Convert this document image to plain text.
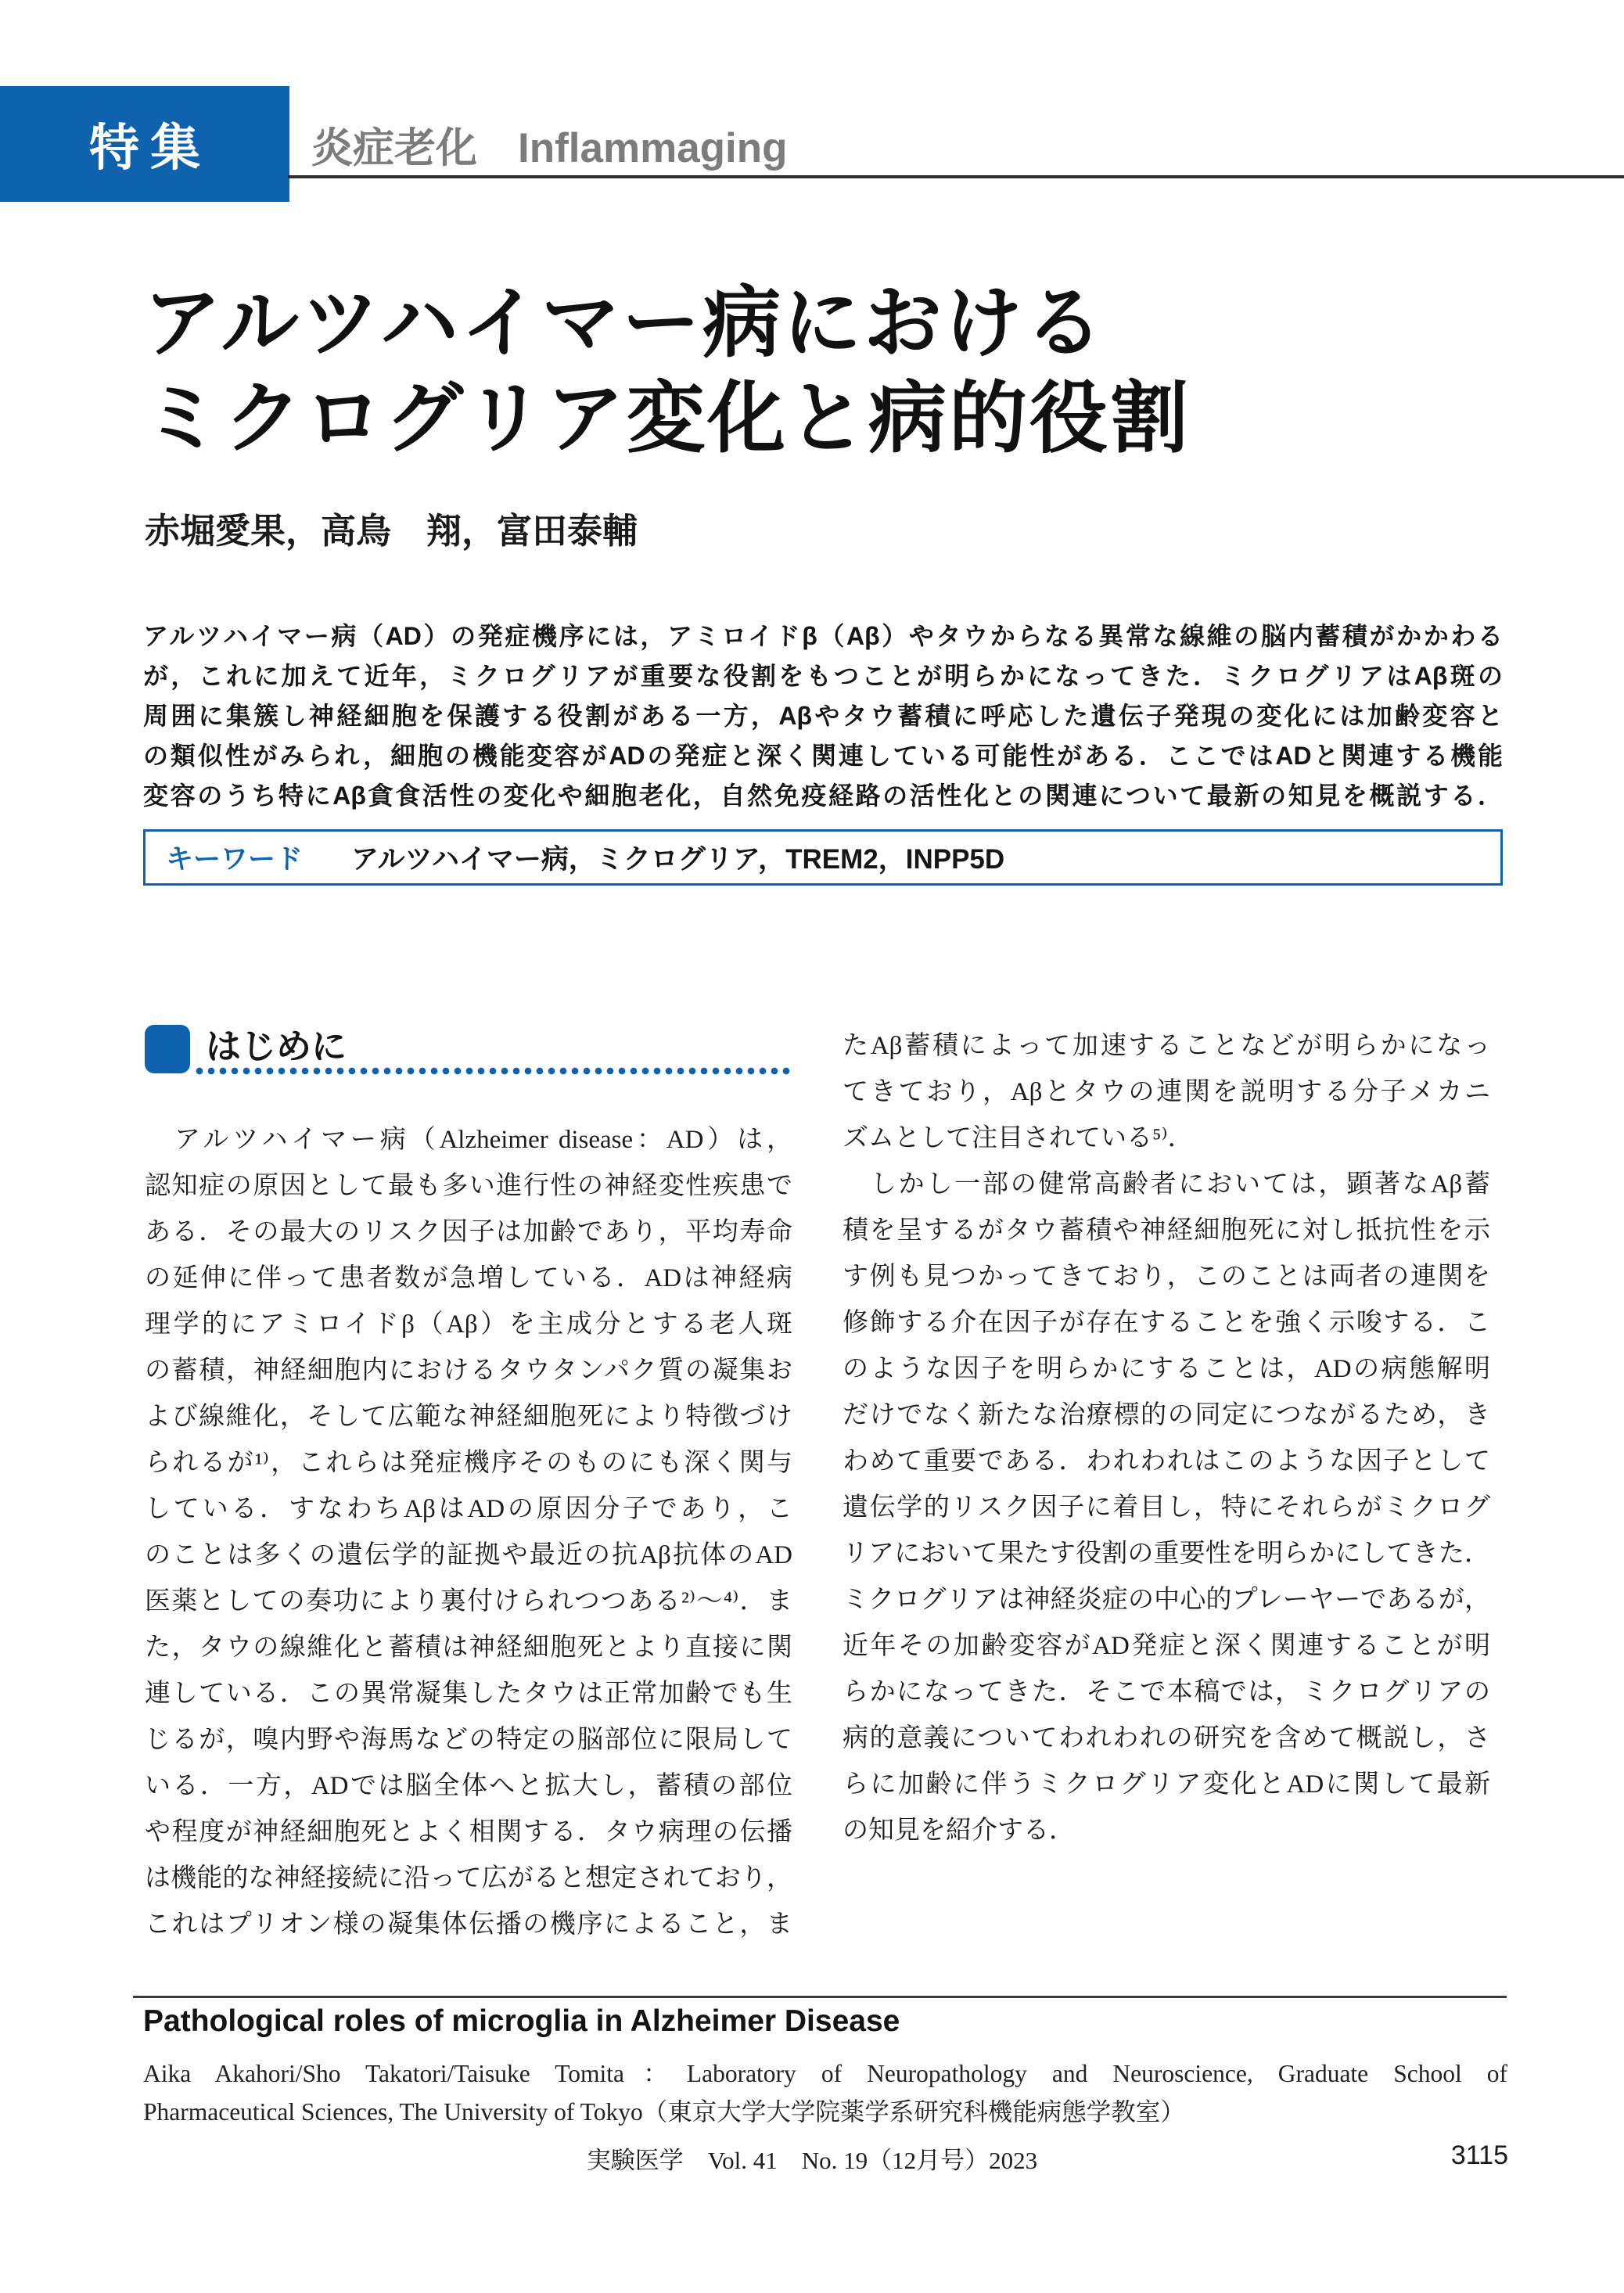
特集 炎症老化 Inflammaging
アルツハイマー病における
ミクログリア変化と病的役割
赤堀愛果，高鳥　翔，富田泰輔
アルツハイマー病（AD）の発症機序には，アミロイドβ（Aβ）やタウからなる異常な線維の脳内蓄積がかかわる
が，これに加えて近年，ミクログリアが重要な役割をもつことが明らかになってきた．ミクログリアはAβ斑の
周囲に集簇し神経細胞を保護する役割がある一方，Aβやタウ蓄積に呼応した遺伝子発現の変化には加齢変容と
の類似性がみられ，細胞の機能変容がADの発症と深く関連している可能性がある．ここではADと関連する機能
変容のうち特にAβ貪食活性の変化や細胞老化，自然免疫経路の活性化との関連について最新の知見を概説する．
キーワード アルツハイマー病，ミクログリア，TREM2，INPP5D
はじめに
　アルツハイマー病（Alzheimer disease：AD）は，
認知症の原因として最も多い進行性の神経変性疾患で
ある．その最大のリスク因子は加齢であり，平均寿命
の延伸に伴って患者数が急増している．ADは神経病
理学的にアミロイドβ（Aβ）を主成分とする老人斑
の蓄積，神経細胞内におけるタウタンパク質の凝集お
よび線維化，そして広範な神経細胞死により特徴づけ
られるが¹⁾，これらは発症機序そのものにも深く関与
している．すなわちAβはADの原因分子であり，こ
のことは多くの遺伝学的証拠や最近の抗Aβ抗体のAD
医薬としての奏功により裏付けられつつある²⁾～⁴⁾．ま
た，タウの線維化と蓄積は神経細胞死とより直接に関
連している．この異常凝集したタウは正常加齢でも生
じるが，嗅内野や海馬などの特定の脳部位に限局して
いる．一方，ADでは脳全体へと拡大し，蓄積の部位
や程度が神経細胞死とよく相関する．タウ病理の伝播
は機能的な神経接続に沿って広がると想定されており，
これはプリオン様の凝集体伝播の機序によること，ま
たAβ蓄積によって加速することなどが明らかになっ
てきており，Aβとタウの連関を説明する分子メカニ
ズムとして注目されている⁵⁾．
　しかし一部の健常高齢者においては，顕著なAβ蓄
積を呈するがタウ蓄積や神経細胞死に対し抵抗性を示
す例も見つかってきており，このことは両者の連関を
修飾する介在因子が存在することを強く示唆する．こ
のような因子を明らかにすることは，ADの病態解明
だけでなく新たな治療標的の同定につながるため，き
わめて重要である．われわれはこのような因子として
遺伝学的リスク因子に着目し，特にそれらがミクログ
リアにおいて果たす役割の重要性を明らかにしてきた．
ミクログリアは神経炎症の中心的プレーヤーであるが，
近年その加齢変容がAD発症と深く関連することが明
らかになってきた．そこで本稿では，ミクログリアの
病的意義についてわれわれの研究を含めて概説し，さ
らに加齢に伴うミクログリア変化とADに関して最新
の知見を紹介する．
Pathological roles of microglia in Alzheimer Disease
Aika Akahori/Sho Takatori/Taisuke Tomita：Laboratory of Neuropathology and Neuroscience, Graduate School of
Pharmaceutical Sciences, The University of Tokyo（東京大学大学院薬学系研究科機能病態学教室）
実験医学　Vol. 41　No. 19（12月号）2023	3115
